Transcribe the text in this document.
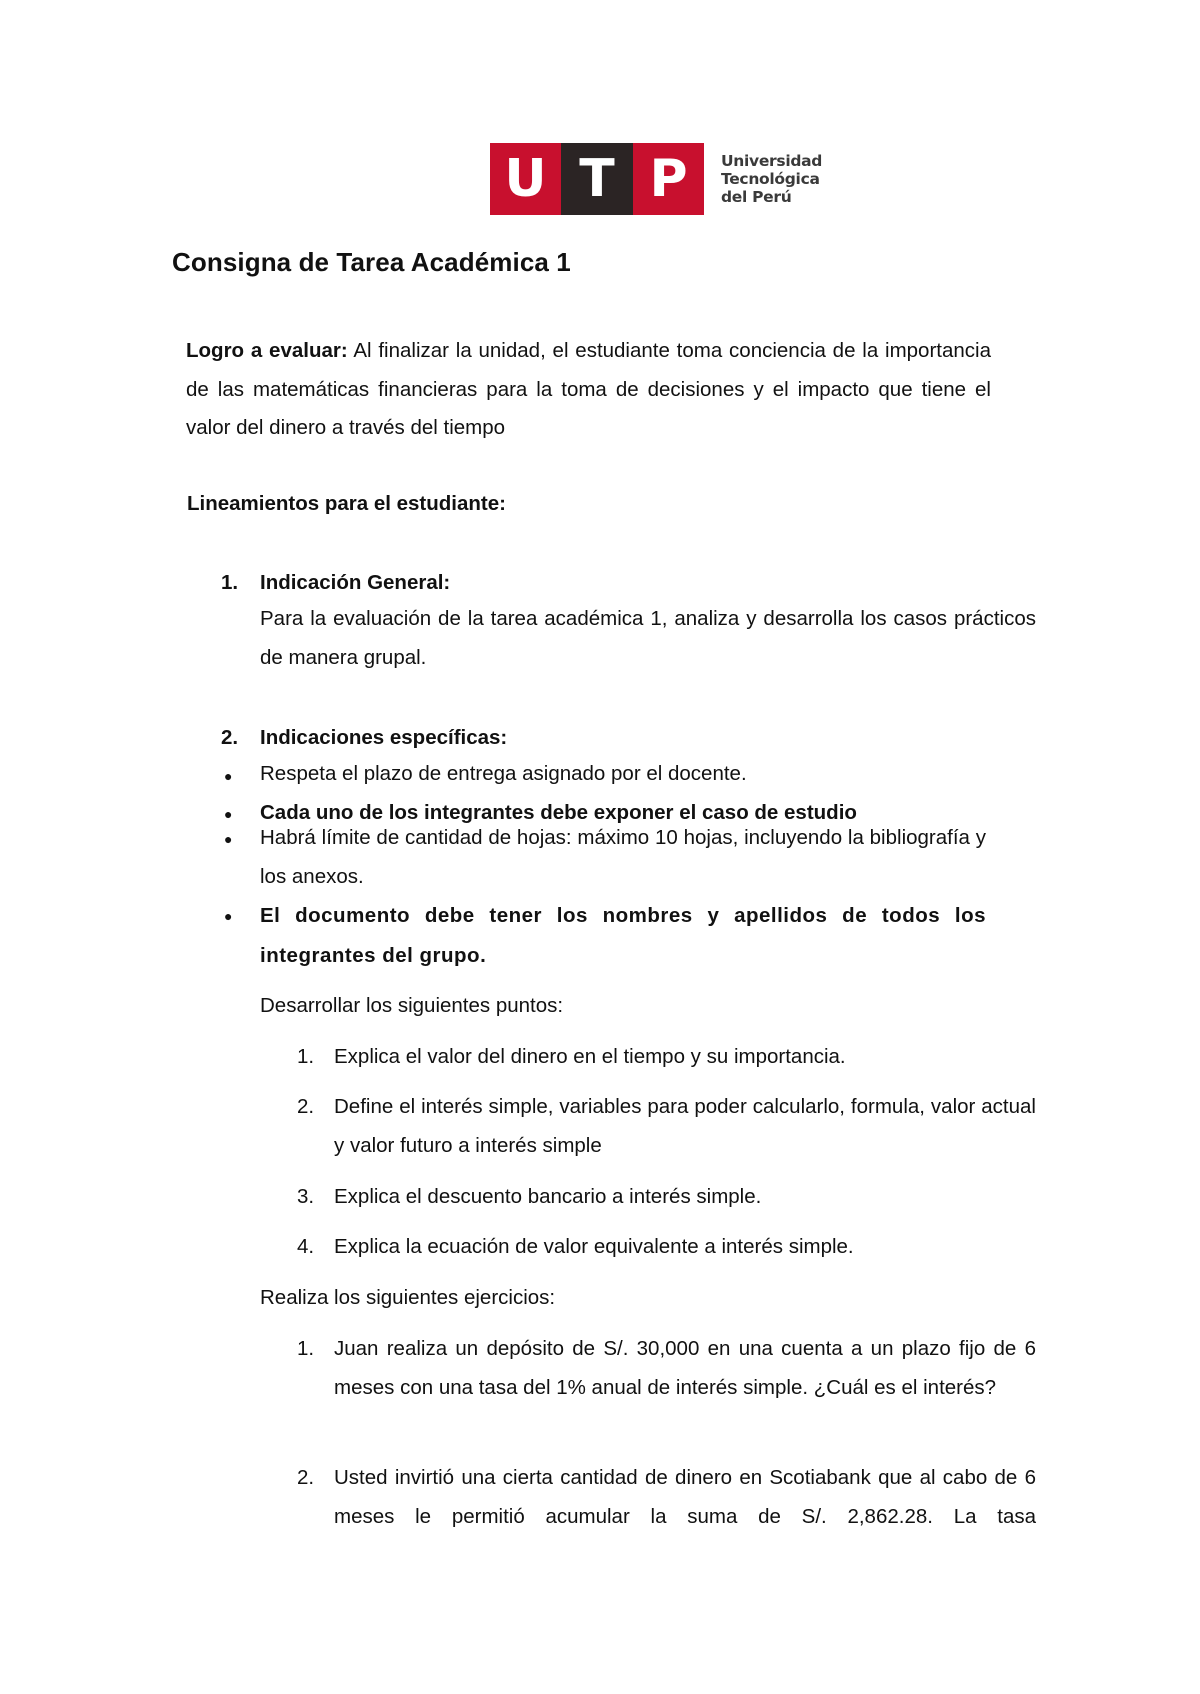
U T P	Universidad
Tecnológica
del Perú
Consigna de Tarea Académica 1
Logro a evaluar: Al finalizar la unidad, el estudiante toma conciencia de la importancia de las matemáticas financieras para la toma de decisiones y el impacto que tiene el valor del dinero a través del tiempo
Lineamientos para el estudiante:
1. Indicación General:
Para la evaluación de la tarea académica 1, analiza y desarrolla los casos prácticos de manera grupal.
2. Indicaciones específicas:
● Respeta el plazo de entrega asignado por el docente.
● Cada uno de los integrantes debe exponer el caso de estudio
● Habrá límite de cantidad de hojas: máximo 10 hojas, incluyendo la bibliografía y los anexos.
● El documento debe tener los nombres y apellidos de todos los integrantes del grupo.
Desarrollar los siguientes puntos:
1. Explica el valor del dinero en el tiempo y su importancia.
2. Define el interés simple, variables para poder calcularlo, formula, valor actual y valor futuro a interés simple
3. Explica el descuento bancario a interés simple.
4. Explica la ecuación de valor equivalente a interés simple.
Realiza los siguientes ejercicios:
1. Juan realiza un depósito de S/. 30,000 en una cuenta a un plazo fijo de 6 meses con una tasa del 1% anual de interés simple. ¿Cuál es el interés?
2. Usted invirtió una cierta cantidad de dinero en Scotiabank que al cabo de 6 meses le permitió acumular la suma de S/. 2,862.28. La tasa
